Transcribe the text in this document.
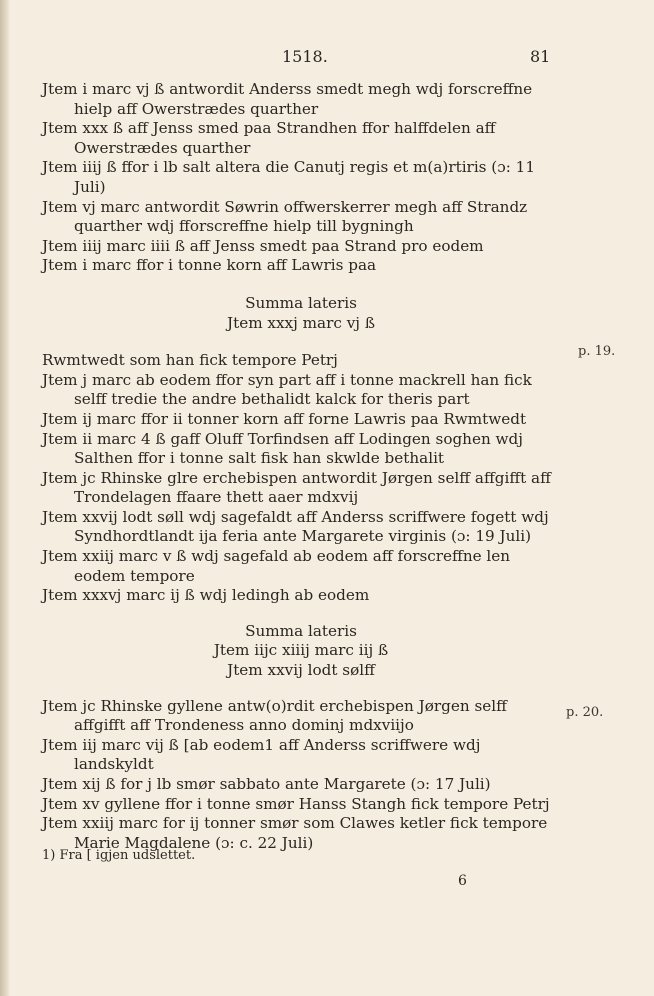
1518.	81

Jtem i marc vj ß antwordit Anderss smedt megh wdj forscreffne hielp aff Owerstrædes quarther

Jtem xxx ß aff Jenss smed paa Strandhen ffor halffdelen aff Owerstrædes quarther

Jtem iiij ß ffor i lb salt altera die Canutj regis et m(a)rtiris (ɔ: 11 Juli)

Jtem vj marc antwordit Søwrin offwerskerrer megh aff Strandz quarther wdj fforscreffne hielp till bygningh

Jtem iiij marc iiii ß aff Jenss smedt paa Strand pro eodem

Jtem i marc ffor i tonne korn aff Lawris paa

Summa lateris
Jtem xxxj marc vj ß

Rwmtwedt som han fick tempore Petrj

Jtem j marc ab eodem ffor syn part aff i tonne mackrell han fick selff tredie the andre bethalidt kalck for theris part

Jtem ij marc ffor ii tonner korn aff forne Lawris paa Rwmtwedt

Jtem ii marc 4 ß gaff Oluff Torfindsen aff Lodingen soghen wdj Salthen ffor i tonne salt fisk han skwlde bethalit

Jtem jc Rhinske glre erchebispen antwordit Jørgen selff affgifft aff Trondelagen ffaare thett aaer mdxvij

Jtem xxvij lodt søll wdj sagefaldt aff Anderss scriffwere fogett wdj Syndhordtlandt ija feria ante Margarete virginis (ɔ: 19 Juli)

Jtem xxiij marc v ß wdj sagefald ab eodem aff forscreffne len eodem tempore

Jtem xxxvj marc ij ß wdj ledingh ab eodem

Summa lateris
Jtem iijc xiiij marc iij ß
Jtem xxvij lodt sølff

Jtem jc Rhinske gyllene antw(o)rdit erchebispen Jørgen selff affgifft aff Trondeness anno dominj mdxviijo

Jtem iij marc vij ß [ab eodem1 aff Anderss scriffwere wdj landskyldt

Jtem xij ß for j lb smør sabbato ante Margarete (ɔ: 17 Juli)

Jtem xv gyllene ffor i tonne smør Hanss Stangh fick tempore Petrj

Jtem xxiij marc for ij tonner smør som Clawes ketler fick tempore Marie Magdalene (ɔ: c. 22 Juli)

p. 19.
p. 20.
1) Fra [ igjen udslettet.
6
